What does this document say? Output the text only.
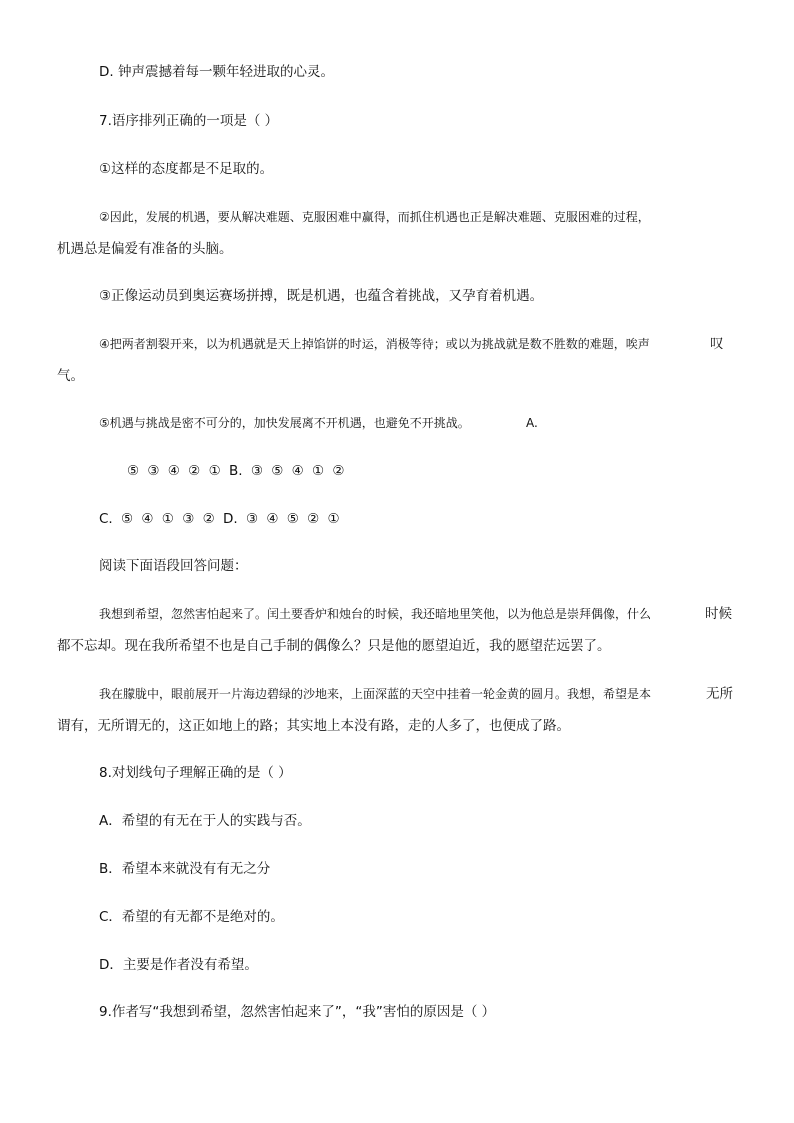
D. 钟声震撼着每一颗年轻进取的心灵。
7.语序排列正确的一项是（ ）
①这样的态度都是不足取的。
②因此，发展的机遇，要从解决难题、克服困难中赢得，而抓住机遇也正是解决难题、克服困难的过程，
机遇总是偏爱有准备的头脑。
③正像运动员到奥运赛场拼搏，既是机遇，也蕴含着挑战，又孕育着机遇。
④把两者割裂开来，以为机遇就是天上掉馅饼的时运，消极等待；或以为挑战就是数不胜数的难题，唉声	叹
气。
⑤机遇与挑战是密不可分的，加快发展离不开机遇，也避免不开挑战。	A.
⑤ ③ ④ ② ① B. ③ ⑤ ④ ① ②
C. ⑤ ④ ① ③ ② D. ③ ④ ⑤ ② ①
阅读下面语段回答问题：
我想到希望，忽然害怕起来了。闰土要香炉和烛台的时候，我还暗地里笑他，以为他总是崇拜偶像，什么	时候
都不忘却。现在我所希望不也是自己手制的偶像么？只是他的愿望迫近，我的愿望茫远罢了。
我在朦胧中，眼前展开一片海边碧绿的沙地来，上面深蓝的天空中挂着一轮金黄的圆月。我想，希望是本	无所
谓有，无所谓无的，这正如地上的路；其实地上本没有路，走的人多了，也便成了路。
8.对划线句子理解正确的是（ ）
A．希望的有无在于人的实践与否。
B．希望本来就没有有无之分
C．希望的有无都不是绝对的。
D．主要是作者没有希望。
9.作者写“我想到希望，忽然害怕起来了”，“我”害怕的原因是（ ）
